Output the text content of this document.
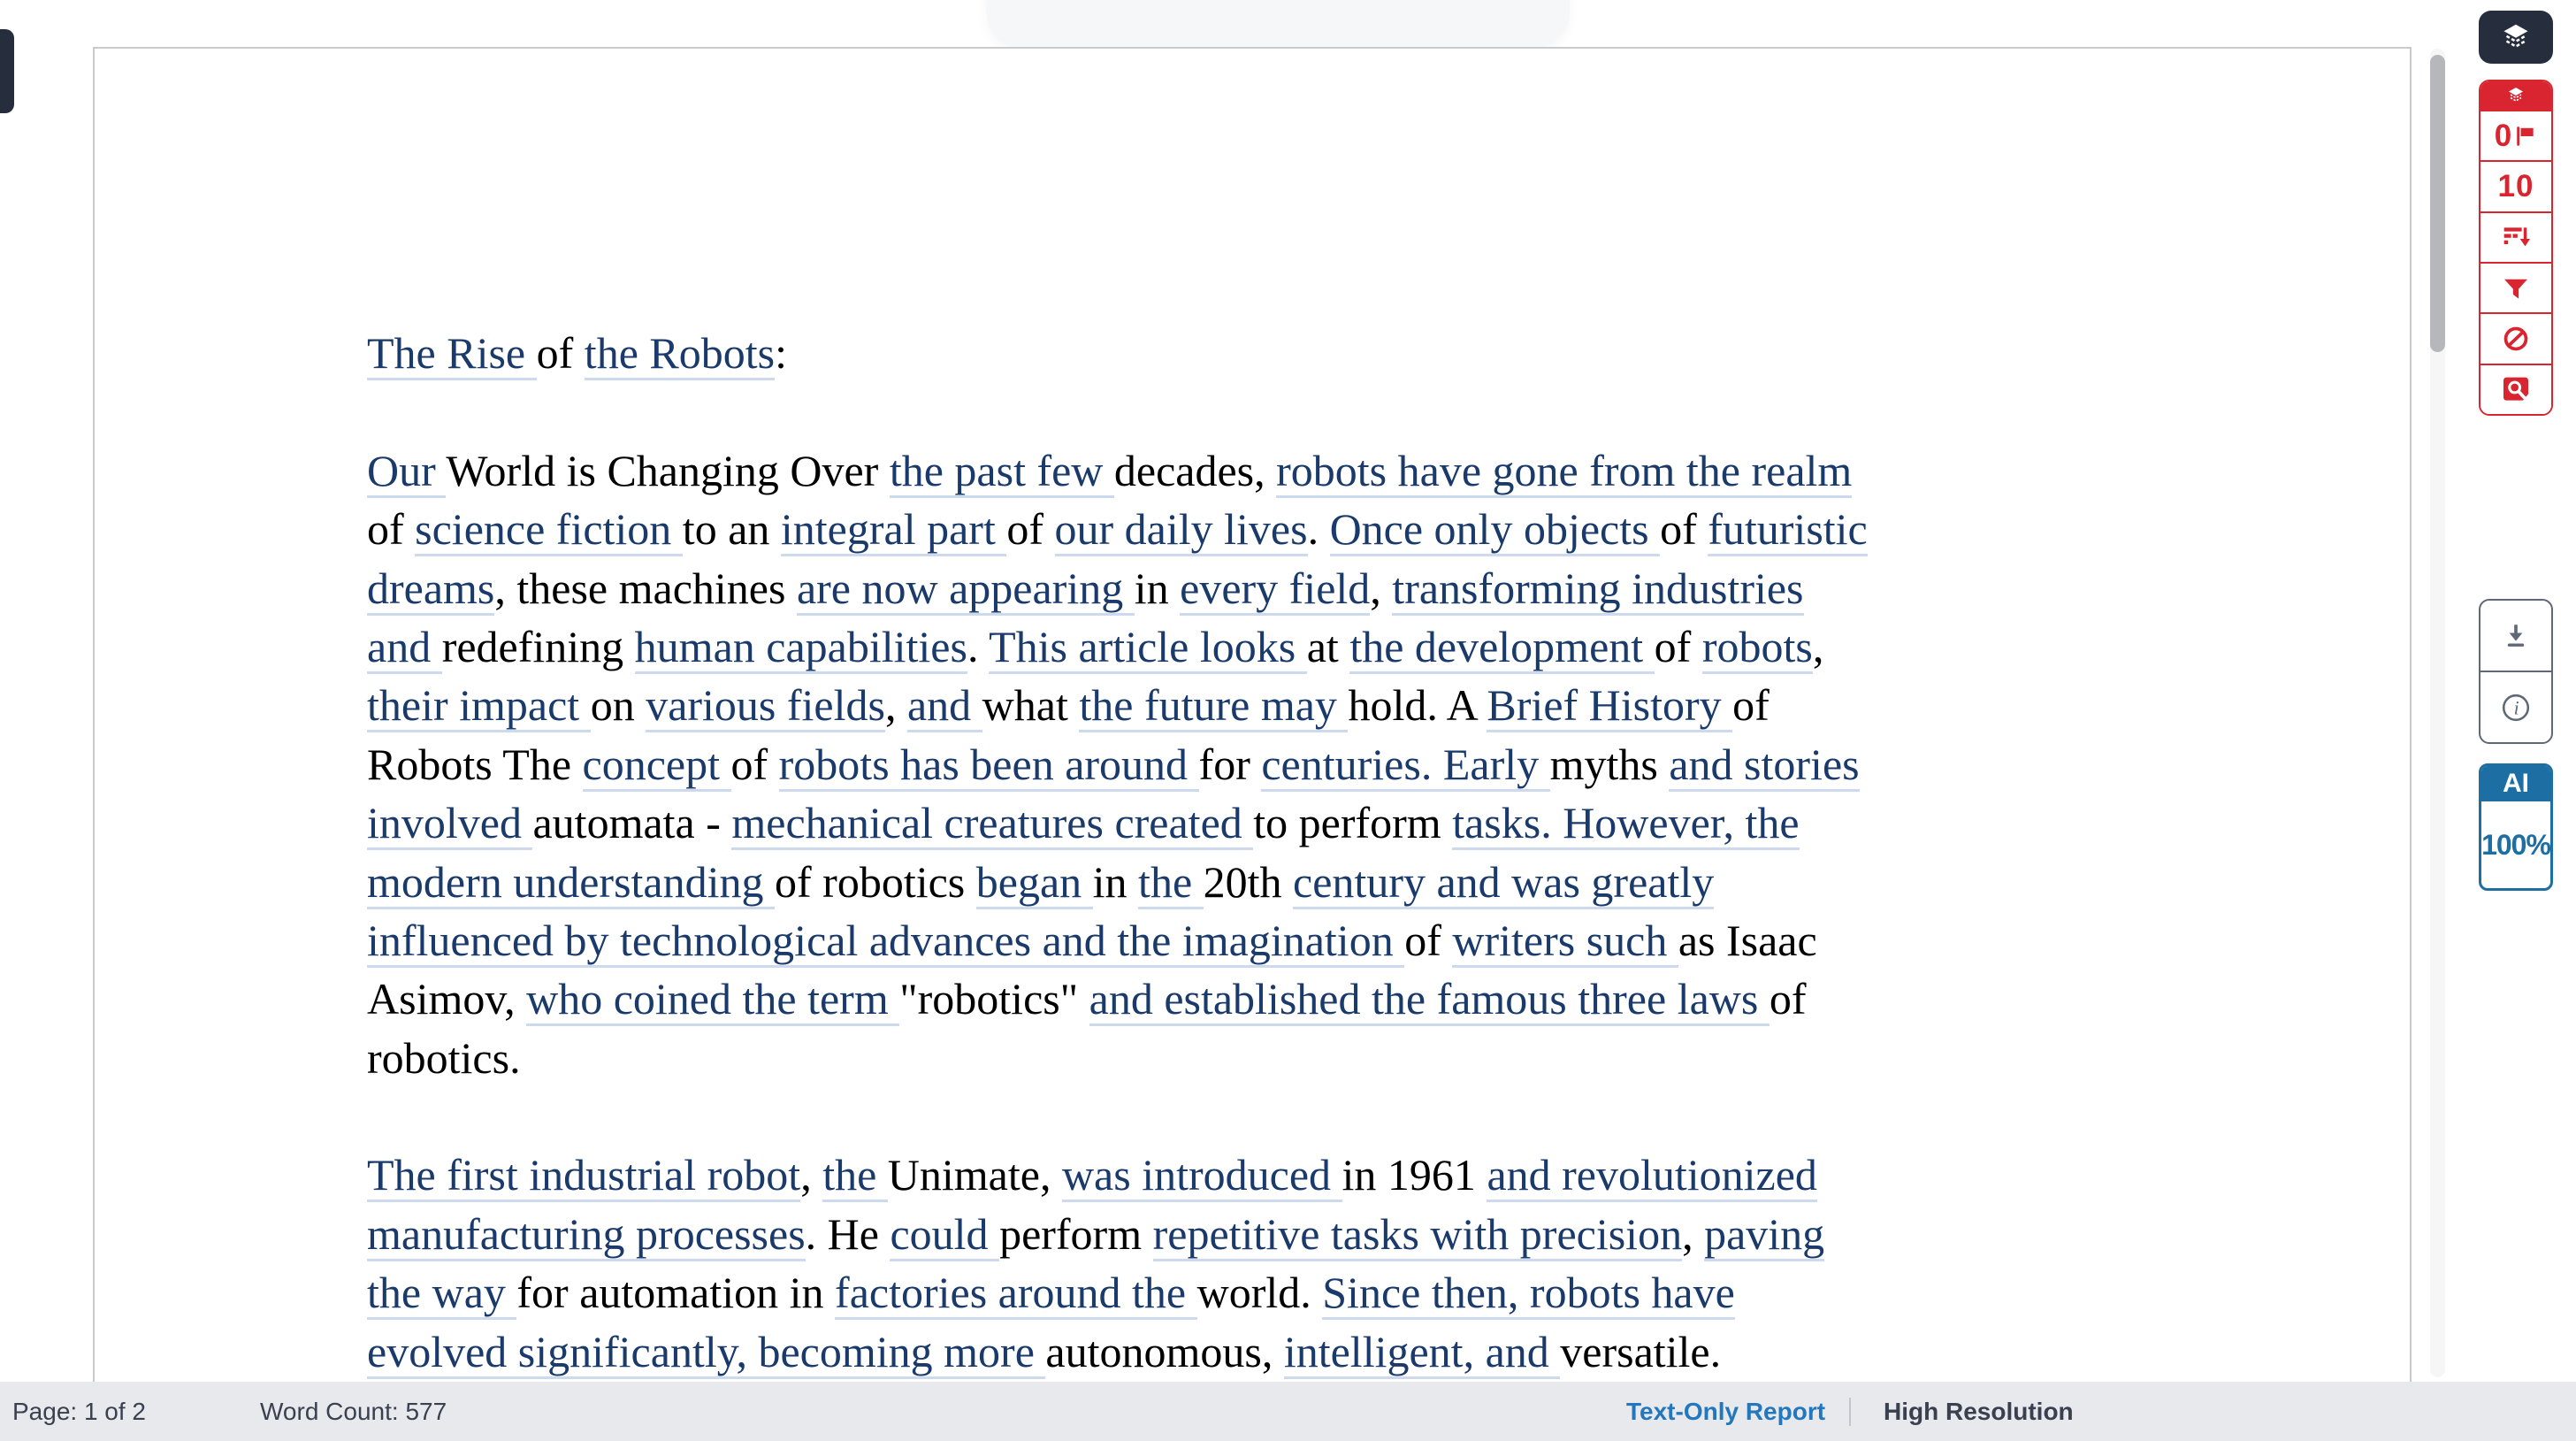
The Rise of the Robots:
Our World is Changing Over the past few decades, robots have gone from the realm
of science fiction to an integral part of our daily lives. Once only objects of futuristic
dreams, these machines are now appearing in every field, transforming industries
and redefining human capabilities. This article looks at the development of robots,
their impact on various fields, and what the future may hold. A Brief History of
Robots The concept of robots has been around for centuries. Early myths and stories
involved automata - mechanical creatures created to perform tasks. However, the
modern understanding of robotics began in the 20th century and was greatly
influenced by technological advances and the imagination of writers such as Isaac
Asimov, who coined the term "robotics" and established the famous three laws of
robotics.
The first industrial robot, the Unimate, was introduced in 1961 and revolutionized
manufacturing processes. He could perform repetitive tasks with precision, paving
the way for automation in factories around the world. Since then, robots have
evolved significantly, becoming more autonomous, intelligent, and versatile.
0
10
i
AI
100%
Page: 1 of 2	Word Count: 577	Text-Only Report High Resolution
